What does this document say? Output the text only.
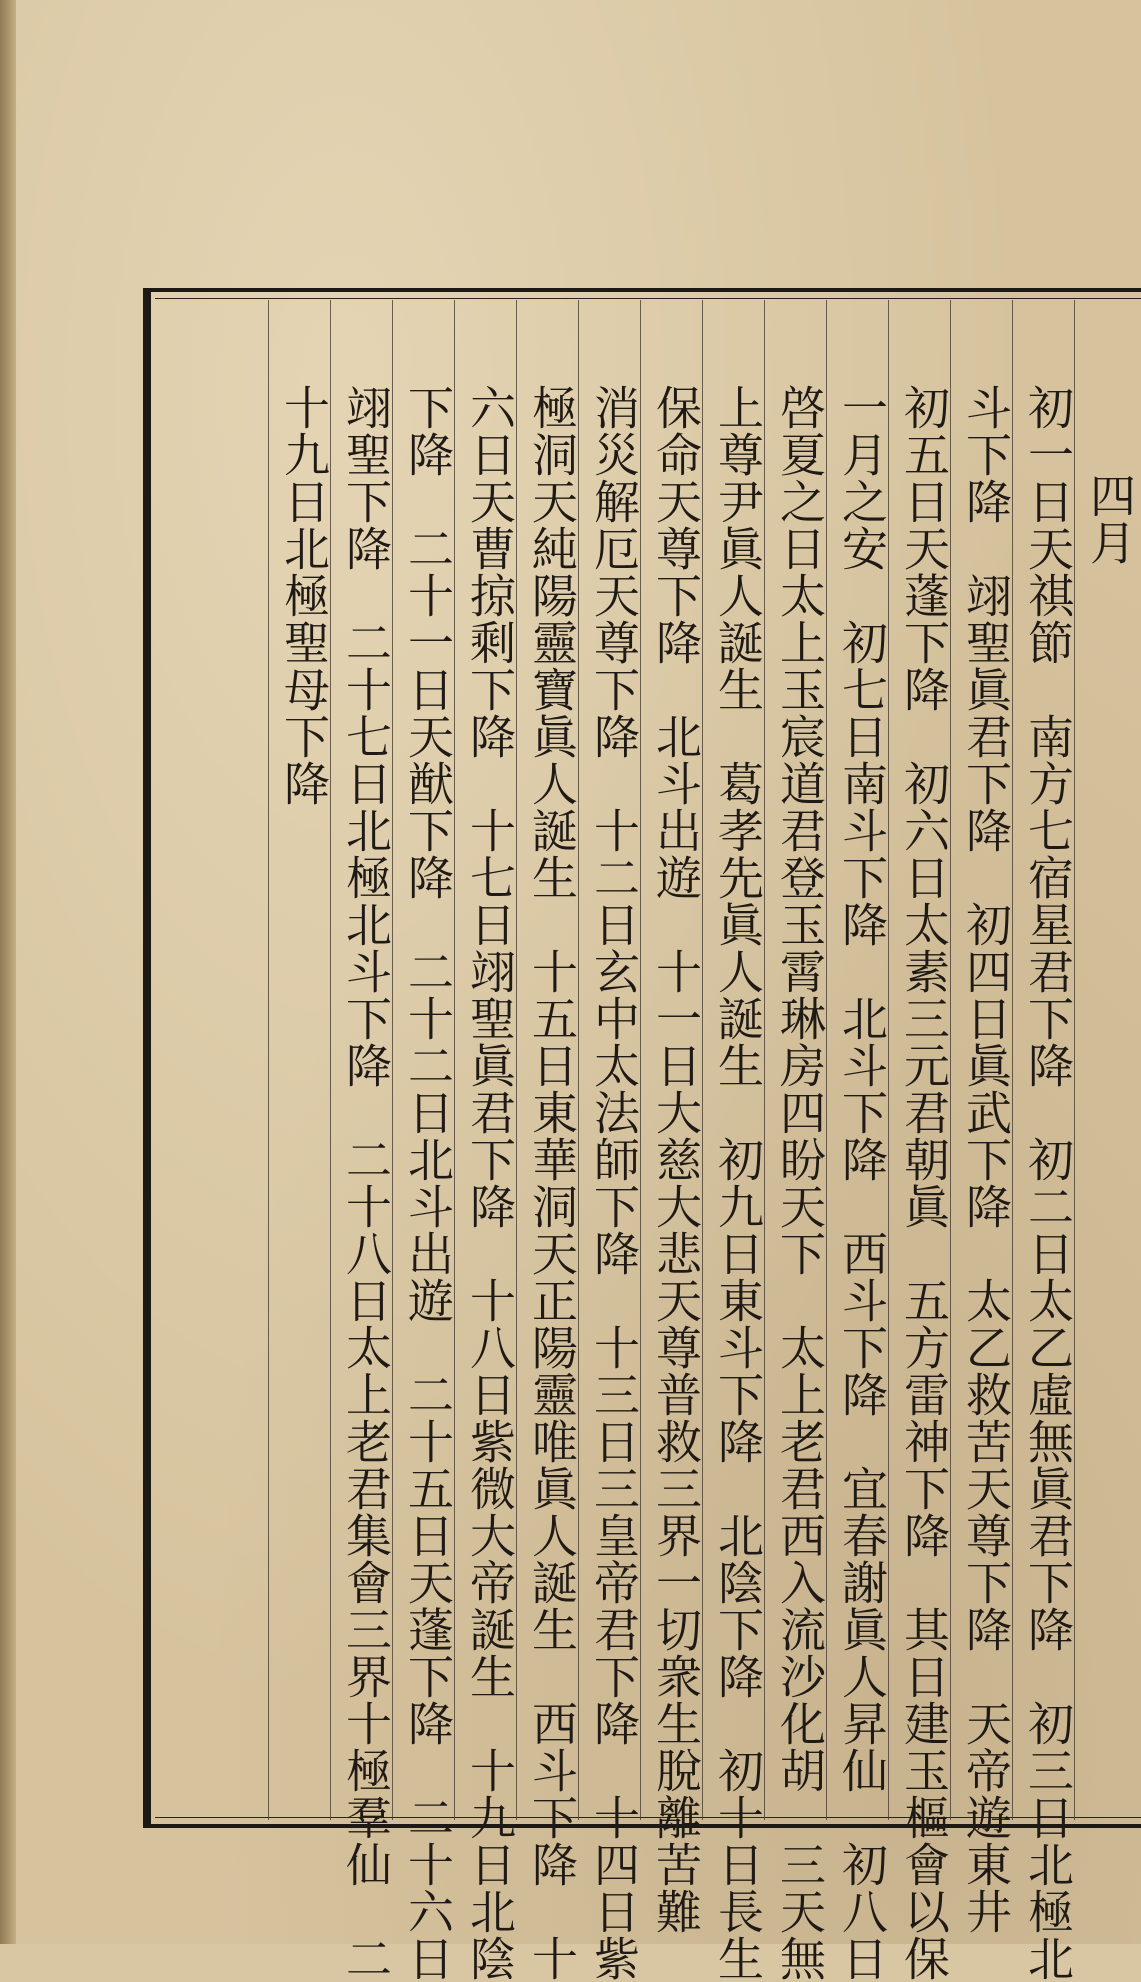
四月
初一日天祺節　南方七宿星君下降　初二日太乙虛無眞君下降　初三日北極北
斗下降　翊聖眞君下降　初四日眞武下降　太乙救苦天尊下降　天帝遊東井
初五日天蓬下降　初六日太素三元君朝眞　五方雷神下降　其日建玉樞會以保
一月之安　初七日南斗下降　北斗下降　西斗下降　宜春謝眞人昇仙　初八日
啓夏之日太上玉宸道君登玉霄琳房四盼天下　太上老君西入流沙化胡　三天無
上尊尹眞人誕生　葛孝先眞人誕生　初九日東斗下降　北陰下降　初十日長生
保命天尊下降　北斗出遊　十一日大慈大悲天尊普救三界一切衆生脫離苦難
消災解厄天尊下降　十二日玄中太法師下降　十三日三皇帝君下降　十四日紫
極洞天純陽靈寶眞人誕生　十五日東華洞天正陽靈唯眞人誕生　西斗下降　十
六日天曹掠剩下降　十七日翊聖眞君下降　十八日紫微大帝誕生　十九日北陰
下降　二十一日天猷下降　二十二日北斗出遊　二十五日天蓬下降　二十六日
翊聖下降　二十七日北極北斗下降　二十八日太上老君集會三界十極羣仙　二
十九日北極聖母下降
